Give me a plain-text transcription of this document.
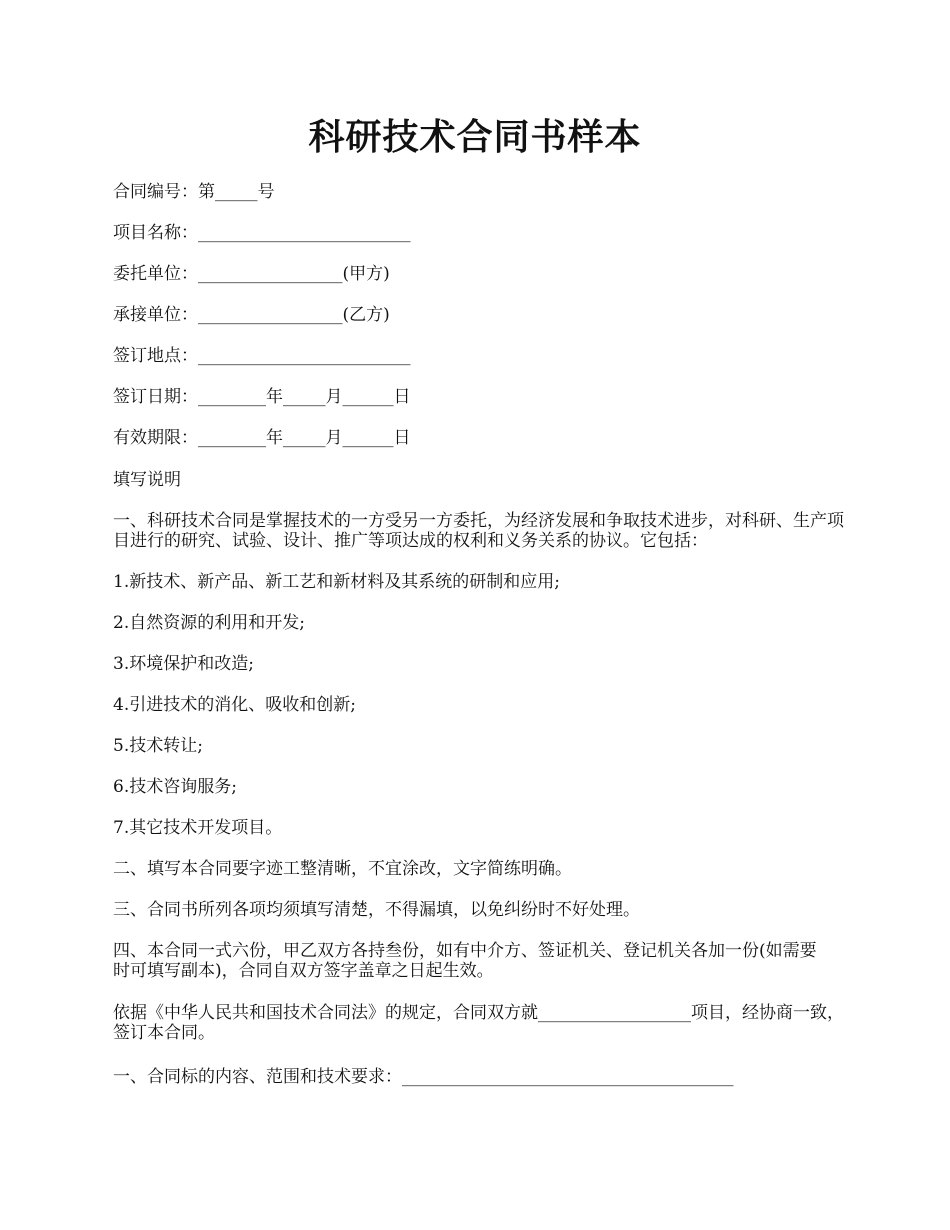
科研技术合同书样本
合同编号：第_____号
项目名称：_________________________
委托单位：_________________(甲方)
承接单位：_________________(乙方)
签订地点：_________________________
签订日期：________年_____月______日
有效期限：________年_____月______日
填写说明
一、科研技术合同是掌握技术的一方受另一方委托，为经济发展和争取技术进步，对科研、生产项目进行的研究、试验、设计、推广等项达成的权利和义务关系的协议。它包括：
1.新技术、新产品、新工艺和新材料及其系统的研制和应用;
2.自然资源的利用和开发;
3.环境保护和改造;
4.引进技术的消化、吸收和创新;
5.技术转让;
6.技术咨询服务;
7.其它技术开发项目。
二、填写本合同要字迹工整清晰，不宜涂改，文字简练明确。
三、合同书所列各项均须填写清楚，不得漏填，以免纠纷时不好处理。
四、本合同一式六份，甲乙双方各持叁份，如有中介方、签证机关、登记机关各加一份(如需要时可填写副本)，合同自双方签字盖章之日起生效。
依据《中华人民共和国技术合同法》的规定，合同双方就__________________项目，经协商一致，签订本合同。
一、合同标的内容、范围和技术要求：_______________________________________
